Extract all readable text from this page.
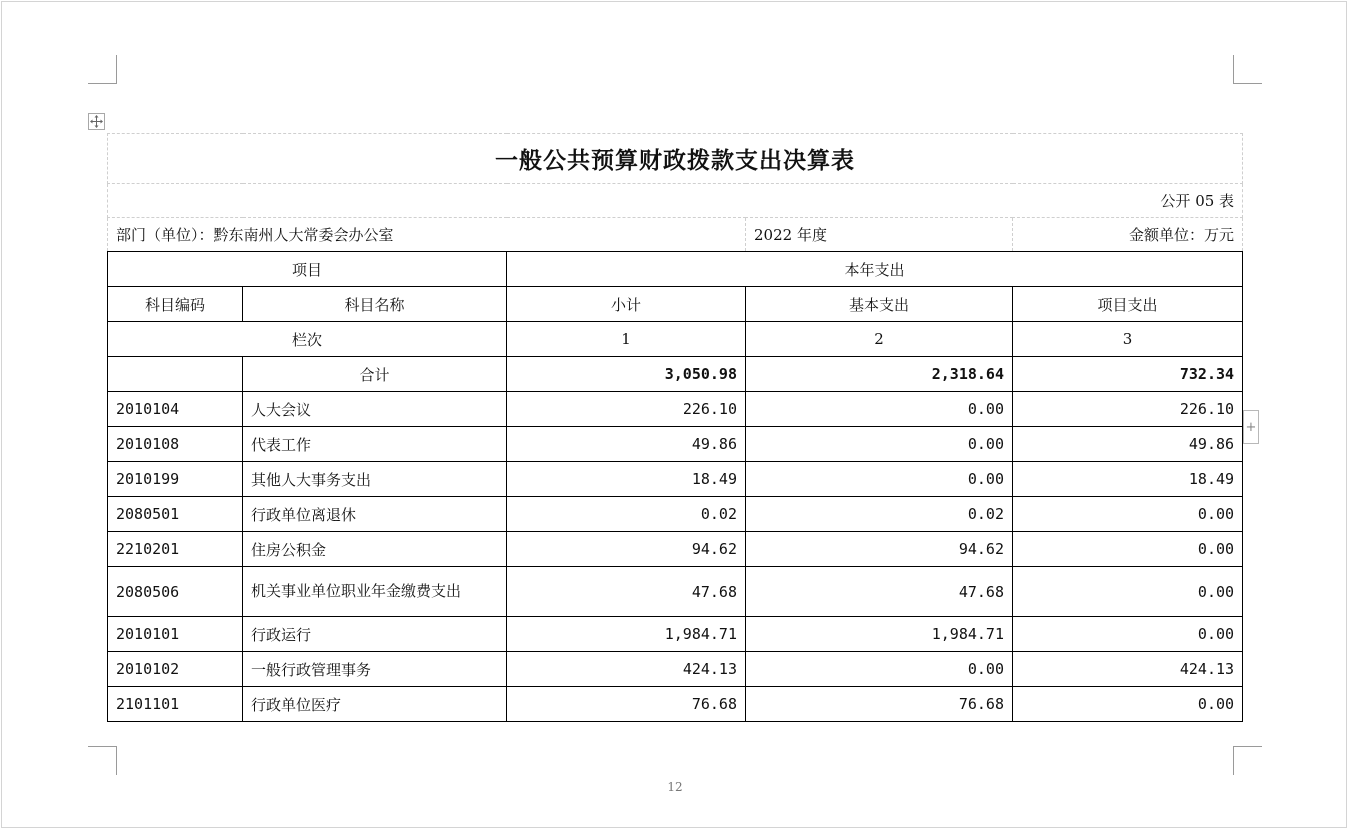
+
一般公共预算财政拨款支出决算表				
公开 05 表				
部门（单位）：黔东南州人大常委会办公室			2022 年度	金额单位：万元
项目		本年支出		
科目编码	科目名称	小计	基本支出	项目支出
栏次		1	2	3
	合计	3,050.98	2,318.64	732.34
2010104	人大会议	226.10	0.00	226.10
2010108	代表工作	49.86	0.00	49.86
2010199	其他人大事务支出	18.49	0.00	18.49
2080501	行政单位离退休	0.02	0.02	0.00
2210201	住房公积金	94.62	94.62	0.00
2080506	机关事业单位职业年金缴费支出	47.68	47.68	0.00
2010101	行政运行	1,984.71	1,984.71	0.00
2010102	一般行政管理事务	424.13	0.00	424.13
2101101	行政单位医疗	76.68	76.68	0.00
12
